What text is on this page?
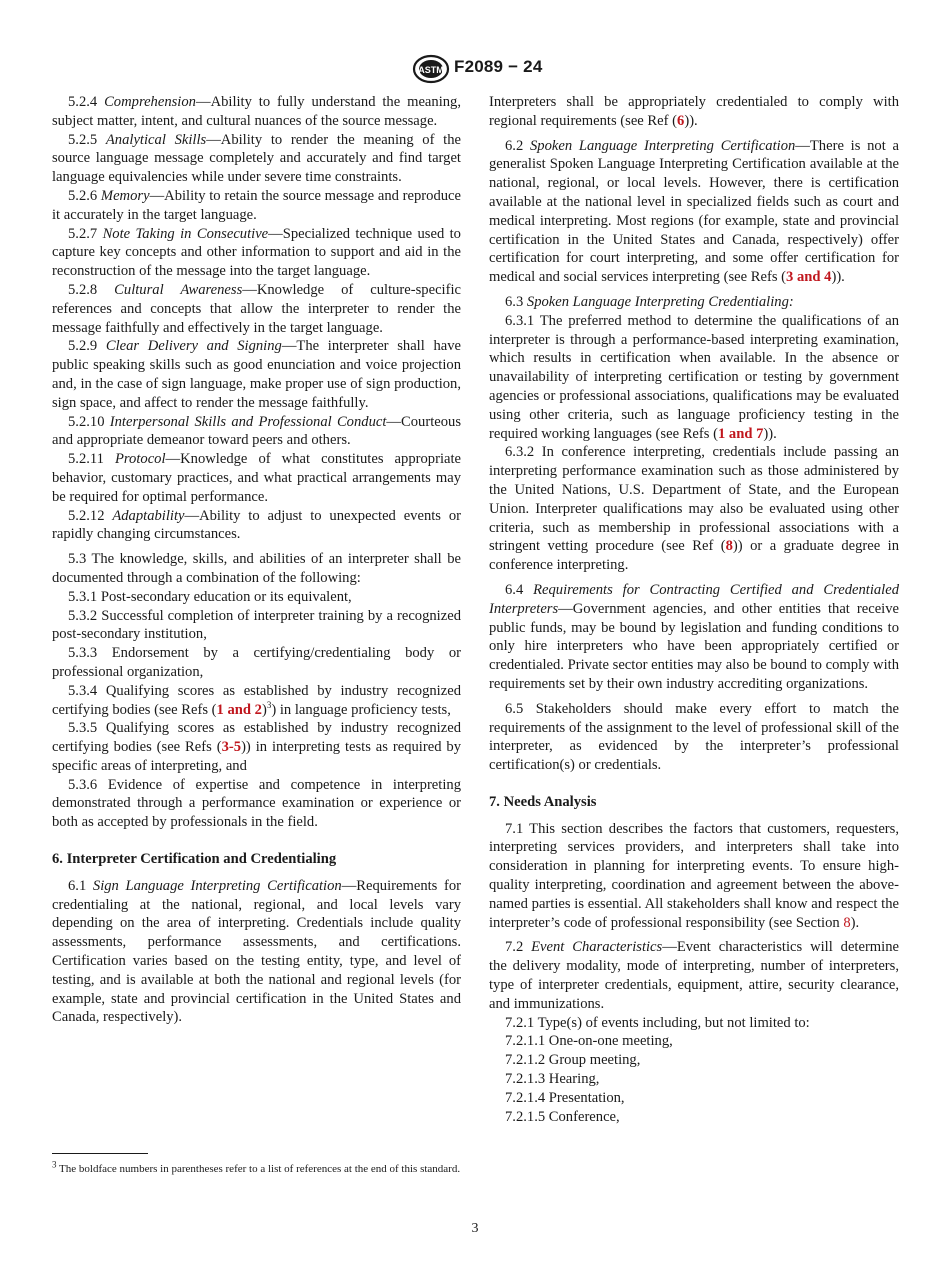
ASTM F2089 − 24

5.2.4 Comprehension—Ability to fully understand the meaning, subject matter, intent, and cultural nuances of the source message.

5.2.5 Analytical Skills—Ability to render the meaning of the source language message completely and accurately and find target language equivalencies while under severe time constraints.

5.2.6 Memory—Ability to retain the source message and reproduce it accurately in the target language.

5.2.7 Note Taking in Consecutive—Specialized technique used to capture key concepts and other information to support and aid in the reconstruction of the message into the target language.

5.2.8 Cultural Awareness—Knowledge of culture-specific references and concepts that allow the interpreter to render the message faithfully and effectively in the target language.

5.2.9 Clear Delivery and Signing—The interpreter shall have public speaking skills such as good enunciation and voice projection and, in the case of sign language, make proper use of sign production, sign space, and affect to render the message faithfully.

5.2.10 Interpersonal Skills and Professional Conduct—Courteous and appropriate demeanor toward peers and others.

5.2.11 Protocol—Knowledge of what constitutes appropriate behavior, customary practices, and what practical arrangements may be required for optimal performance.

5.2.12 Adaptability—Ability to adjust to unexpected events or rapidly changing circumstances.

5.3 The knowledge, skills, and abilities of an interpreter shall be documented through a combination of the following:

5.3.1 Post-secondary education or its equivalent,

5.3.2 Successful completion of interpreter training by a recognized post-secondary institution,

5.3.3 Endorsement by a certifying/credentialing body or professional organization,

5.3.4 Qualifying scores as established by industry recognized certifying bodies (see Refs (1 and 2)$^3$) in language proficiency tests,

5.3.5 Qualifying scores as established by industry recognized certifying bodies (see Refs (3-5)) in interpreting tests as required by specific areas of interpreting, and

5.3.6 Evidence of expertise and competence in interpreting demonstrated through a performance examination or experience or both as accepted by professionals in the field.

6. Interpreter Certification and Credentialing

6.1 Sign Language Interpreting Certification—Requirements for credentialing at the national, regional, and local levels vary depending on the area of interpreting. Credentials include quality assessments, performance assessments, and certifications. Certification varies based on the testing entity, type, and level of testing, and is available at both the national and regional levels (for example, state and provincial certification in the United States and Canada, respectively).

$^3$ The boldface numbers in parentheses refer to a list of references at the end of this standard.

Interpreters shall be appropriately credentialed to comply with regional requirements (see Ref (6)).

6.2 Spoken Language Interpreting Certification—There is not a generalist Spoken Language Interpreting Certification available at the national, regional, or local levels. However, there is certification available at the national level in specialized fields such as court and medical interpreting. Most regions (for example, state and provincial certification in the United States and Canada, respectively) offer certification for court interpreting, and some offer certification for medical and social services interpreting (see Refs (3 and 4)).

6.3 Spoken Language Interpreting Credentialing:

6.3.1 The preferred method to determine the qualifications of an interpreter is through a performance-based interpreting examination, which results in certification when available. In the absence or unavailability of interpreting certification or testing by government agencies or professional associations, qualifications may be evaluated using other criteria, such as language proficiency testing in the required working languages (see Refs (1 and 7)).

6.3.2 In conference interpreting, credentials include passing an interpreting performance examination such as those administered by the United Nations, U.S. Department of State, and the European Union. Interpreter qualifications may also be evaluated using other criteria, such as membership in professional associations with a stringent vetting procedure (see Ref (8)) or a graduate degree in conference interpreting.

6.4 Requirements for Contracting Certified and Credentialed Interpreters—Government agencies, and other entities that receive public funds, may be bound by legislation and funding conditions to only hire interpreters who have been appropriately certified or credentialed. Private sector entities may also be bound to comply with requirements set by their own industry accrediting organizations.

6.5 Stakeholders should make every effort to match the requirements of the assignment to the level of professional skill of the interpreter, as evidenced by the interpreter’s professional certification(s) or credentials.

7. Needs Analysis

7.1 This section describes the factors that customers, requesters, interpreting services providers, and interpreters shall take into consideration in planning for interpreting events. To ensure high-quality interpreting, coordination and agreement between the above-named parties is essential. All stakeholders shall know and respect the interpreter’s code of professional responsibility (see Section 8).

7.2 Event Characteristics—Event characteristics will determine the delivery modality, mode of interpreting, number of interpreters, type of interpreter credentials, equipment, attire, security clearance, and immunizations.

7.2.1 Type(s) of events including, but not limited to:

7.2.1.1 One-on-one meeting,

7.2.1.2 Group meeting,

7.2.1.3 Hearing,

7.2.1.4 Presentation,

7.2.1.5 Conference,

3
